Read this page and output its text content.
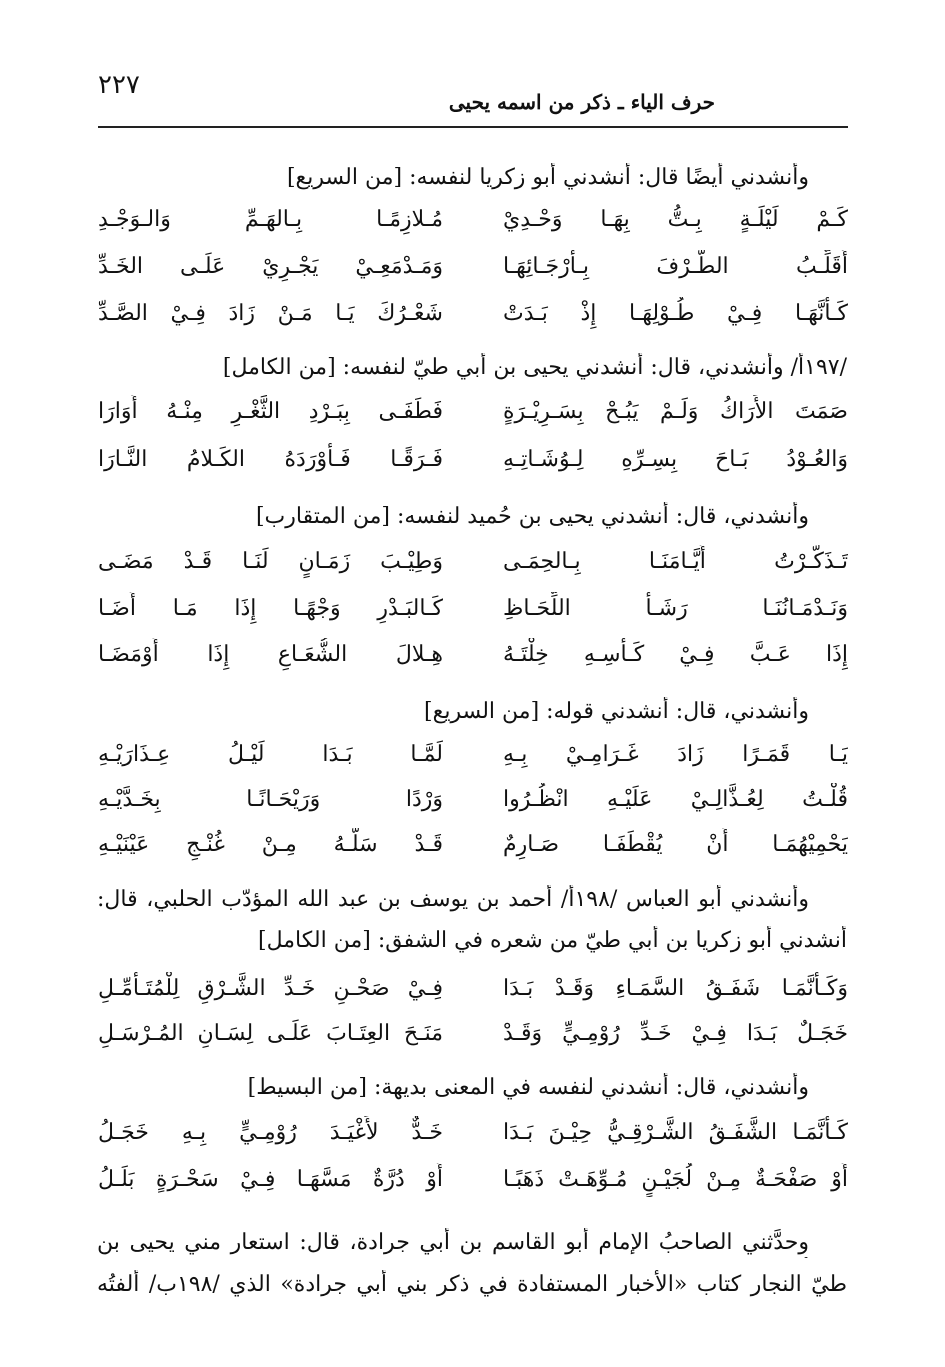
٢٢٧
حرف الياء ـ ذكر من اسمه يحيى
وأنشدني أيضًا قال: أنشدني أبو زكريا لنفسه: [من السريع]
كَـمْ لَيْلَـةٍ بِـتُّ بِهَـا وَحْـدِيْ
مُـلازِمًـا بِـالهَـمِّ وَالـوَجْـدِ
أُقَلِّـبُ الطَّـرْفَ بِـأَرْجَـائِهَـا
وَمَـدْمَعِـيْ يَجْـرِيْ عَلَـى الخَـدِّ
كَـأَنَّهَـا فِـيْ طُـوْلِهَـا إِذْ بَـدَتْ
شَعْـرُكَ يَـا مَـنْ زَادَ فِـيْ الصَّـدِّ
/١٩٧أ/ وأنشدني، قال: أنشدني يحيى بن أبي طيّ لنفسه: [من الكامل]
صَمَتَ الأَرَاكُ وَلَـمْ يَبُـحْ بِسَـرِيْـرَةٍ
فَطَفَـى بِبَـرْدِ الثَّغْـرِ مِنْـهُ أُوَارَا
وَالعُـوْدُ بَـاحَ بِسِـرِّهِ لِـوُشَـاتِـهِ
فَـرَقًـا فَـأَوْرَدَهُ الكَـلامُ النَّـارَا
وأنشدني، قال: أنشدني يحيى بن حُميد لنفسه: [من المتقارب]
تَـذَكَّـرْتُ أَيَّـامَنَـا بِـالحِمَـى
وَطِيْـبَ زَمَـانٍ لَنَـا قَـدْ مَضَـى
وَنَـدْمَـانُنَـا رَشَـأٌ اللِّحَـاظِ
كَـالبَـدْرِ وَجْهًـا إِذَا مَـا أَضَـا
إِذَا عَـبَّ فِـيْ كَـأْسِـهِ خِلْتَـهُ
هِـلالَ الشُّعَـاعِ إِذَا أَوْمَضَـا
وأنشدني، قال: أنشدني قوله: [من السريع]
يَـا قَمَـرًا زَادَ غَـرَامِـيْ بِـهِ
لَمَّـا بَـدَا لَيْـلُ عِـذَارَيْـهِ
قُلْـتُ لِعُـذَّالِـيْ عَلَيْـهِ انْظُـرُوا
وَرْدًا وَرَيْحَـانًـا بِخَـدَّيْـهِ
يَحْمِيْهُمَـا أَنْ يُقْطَفَـا صَـارِمٌ
قَـدْ سَلَّـهُ مِـنْ غُنْـجِ عَيْنَيْـهِ
وأنشدني أبو العباس /١٩٨أ/ أحمد بن يوسف بن عبد الله المؤدّب الحلبي، قال:
أنشدني أبو زكريا بن أبي طيّ من شعره في الشفق: [من الكامل]
وَكَـأَنَّمَـا شَفَـقُ السَّمَـاءِ وَقَـدْ بَـدَا
فِـيْ صَحْـنِ خَـدِّ الشَّـرْقِ لِلْمُتَـأَمِّـلِ
خَجَـلٌ بَـدَا فِـيْ خَـدِّ رُوْمِـيٍّ وَقَـدْ
مَنَـحَ العِتَـابَ عَلَـى لِسَـانِ المُـرْسَـلِ
وأنشدني، قال: أنشدني لنفسه في المعنى بديهة: [من البسيط]
كَـأَنَّمَـا الشَّفَـقُ الشَّـرْقِـيُّ حِيْـنَ بَـدَا
خَـدٌّ لأَغْيَـدَ رُوْمِـيٍّ بِـهِ خَجَـلُ
أَوْ صَفْحَـةٌ مِـنْ لُجَيْـنٍ مُـوِّهَـتْ ذَهَبًـا
أَوْ دُرَّةٌ مَسَّهَـا فِـيْ سَحْـرَةٍ بَلَـلُ
وحدَّثني الصاحبُ الإمام أبو القاسم بن أبي جرادة، قال: استعار مني يحيى بن
طيّ النجار كتاب «الأخبار المستفادة في ذكر بني أبي جرادة» الذي /١٩٨ب/ ألفتُه
